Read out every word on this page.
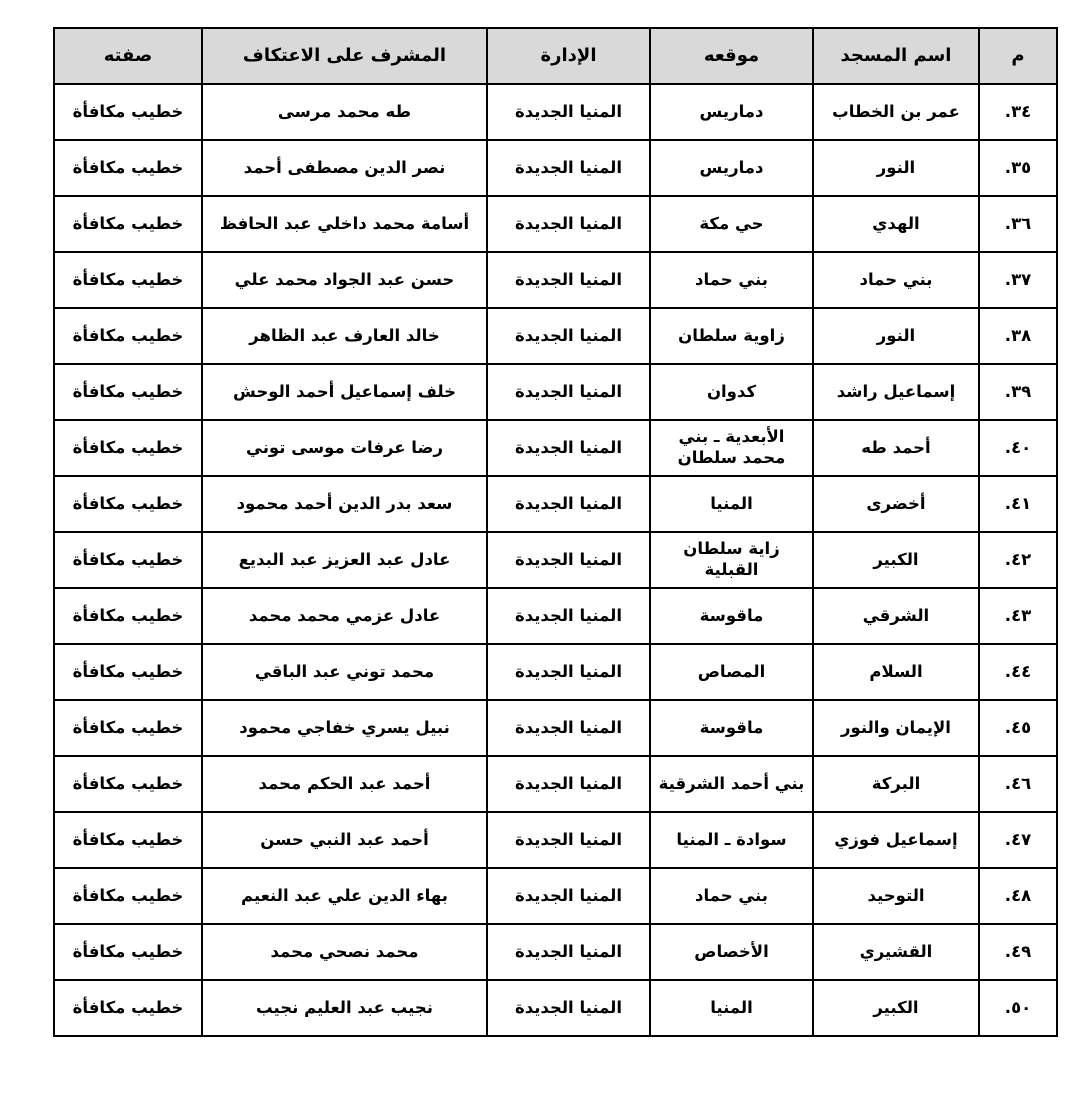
م	اسم المسجد	موقعه	الإدارة	المشرف على الاعتكاف	صفته
٣٤.	عمر بن الخطاب	دماريس	المنيا الجديدة	طه محمد مرسى	خطيب مكافأة
٣٥.	النور	دماريس	المنيا الجديدة	نصر الدين مصطفى أحمد	خطيب مكافأة
٣٦.	الهدي	حي مكة	المنيا الجديدة	أسامة محمد داخلي عبد الحافظ	خطيب مكافأة
٣٧.	بني حماد	بني حماد	المنيا الجديدة	حسن عبد الجواد محمد علي	خطيب مكافأة
٣٨.	النور	زاوية سلطان	المنيا الجديدة	خالد العارف عبد الظاهر	خطيب مكافأة
٣٩.	إسماعيل راشد	كدوان	المنيا الجديدة	خلف إسماعيل أحمد الوحش	خطيب مكافأة
٤٠.	أحمد طه	الأبعدية ـ بني محمد سلطان	المنيا الجديدة	رضا عرفات موسى توني	خطيب مكافأة
٤١.	أخضرى	المنيا	المنيا الجديدة	سعد بدر الدين أحمد محمود	خطيب مكافأة
٤٢.	الكبير	زاية سلطان القبلية	المنيا الجديدة	عادل عبد العزيز عبد البديع	خطيب مكافأة
٤٣.	الشرقي	ماقوسة	المنيا الجديدة	عادل عزمي محمد محمد	خطيب مكافأة
٤٤.	السلام	المصاص	المنيا الجديدة	محمد توني عبد الباقي	خطيب مكافأة
٤٥.	الإيمان والنور	ماقوسة	المنيا الجديدة	نبيل يسري خفاجي محمود	خطيب مكافأة
٤٦.	البركة	بني أحمد الشرقية	المنيا الجديدة	أحمد عبد الحكم محمد	خطيب مكافأة
٤٧.	إسماعيل فوزي	سوادة ـ المنيا	المنيا الجديدة	أحمد عبد النبي حسن	خطيب مكافأة
٤٨.	التوحيد	بني حماد	المنيا الجديدة	بهاء الدين علي عبد النعيم	خطيب مكافأة
٤٩.	القشيري	الأخصاص	المنيا الجديدة	محمد نصحي محمد	خطيب مكافأة
٥٠.	الكبير	المنيا	المنيا الجديدة	نجيب عبد العليم نجيب	خطيب مكافأة
